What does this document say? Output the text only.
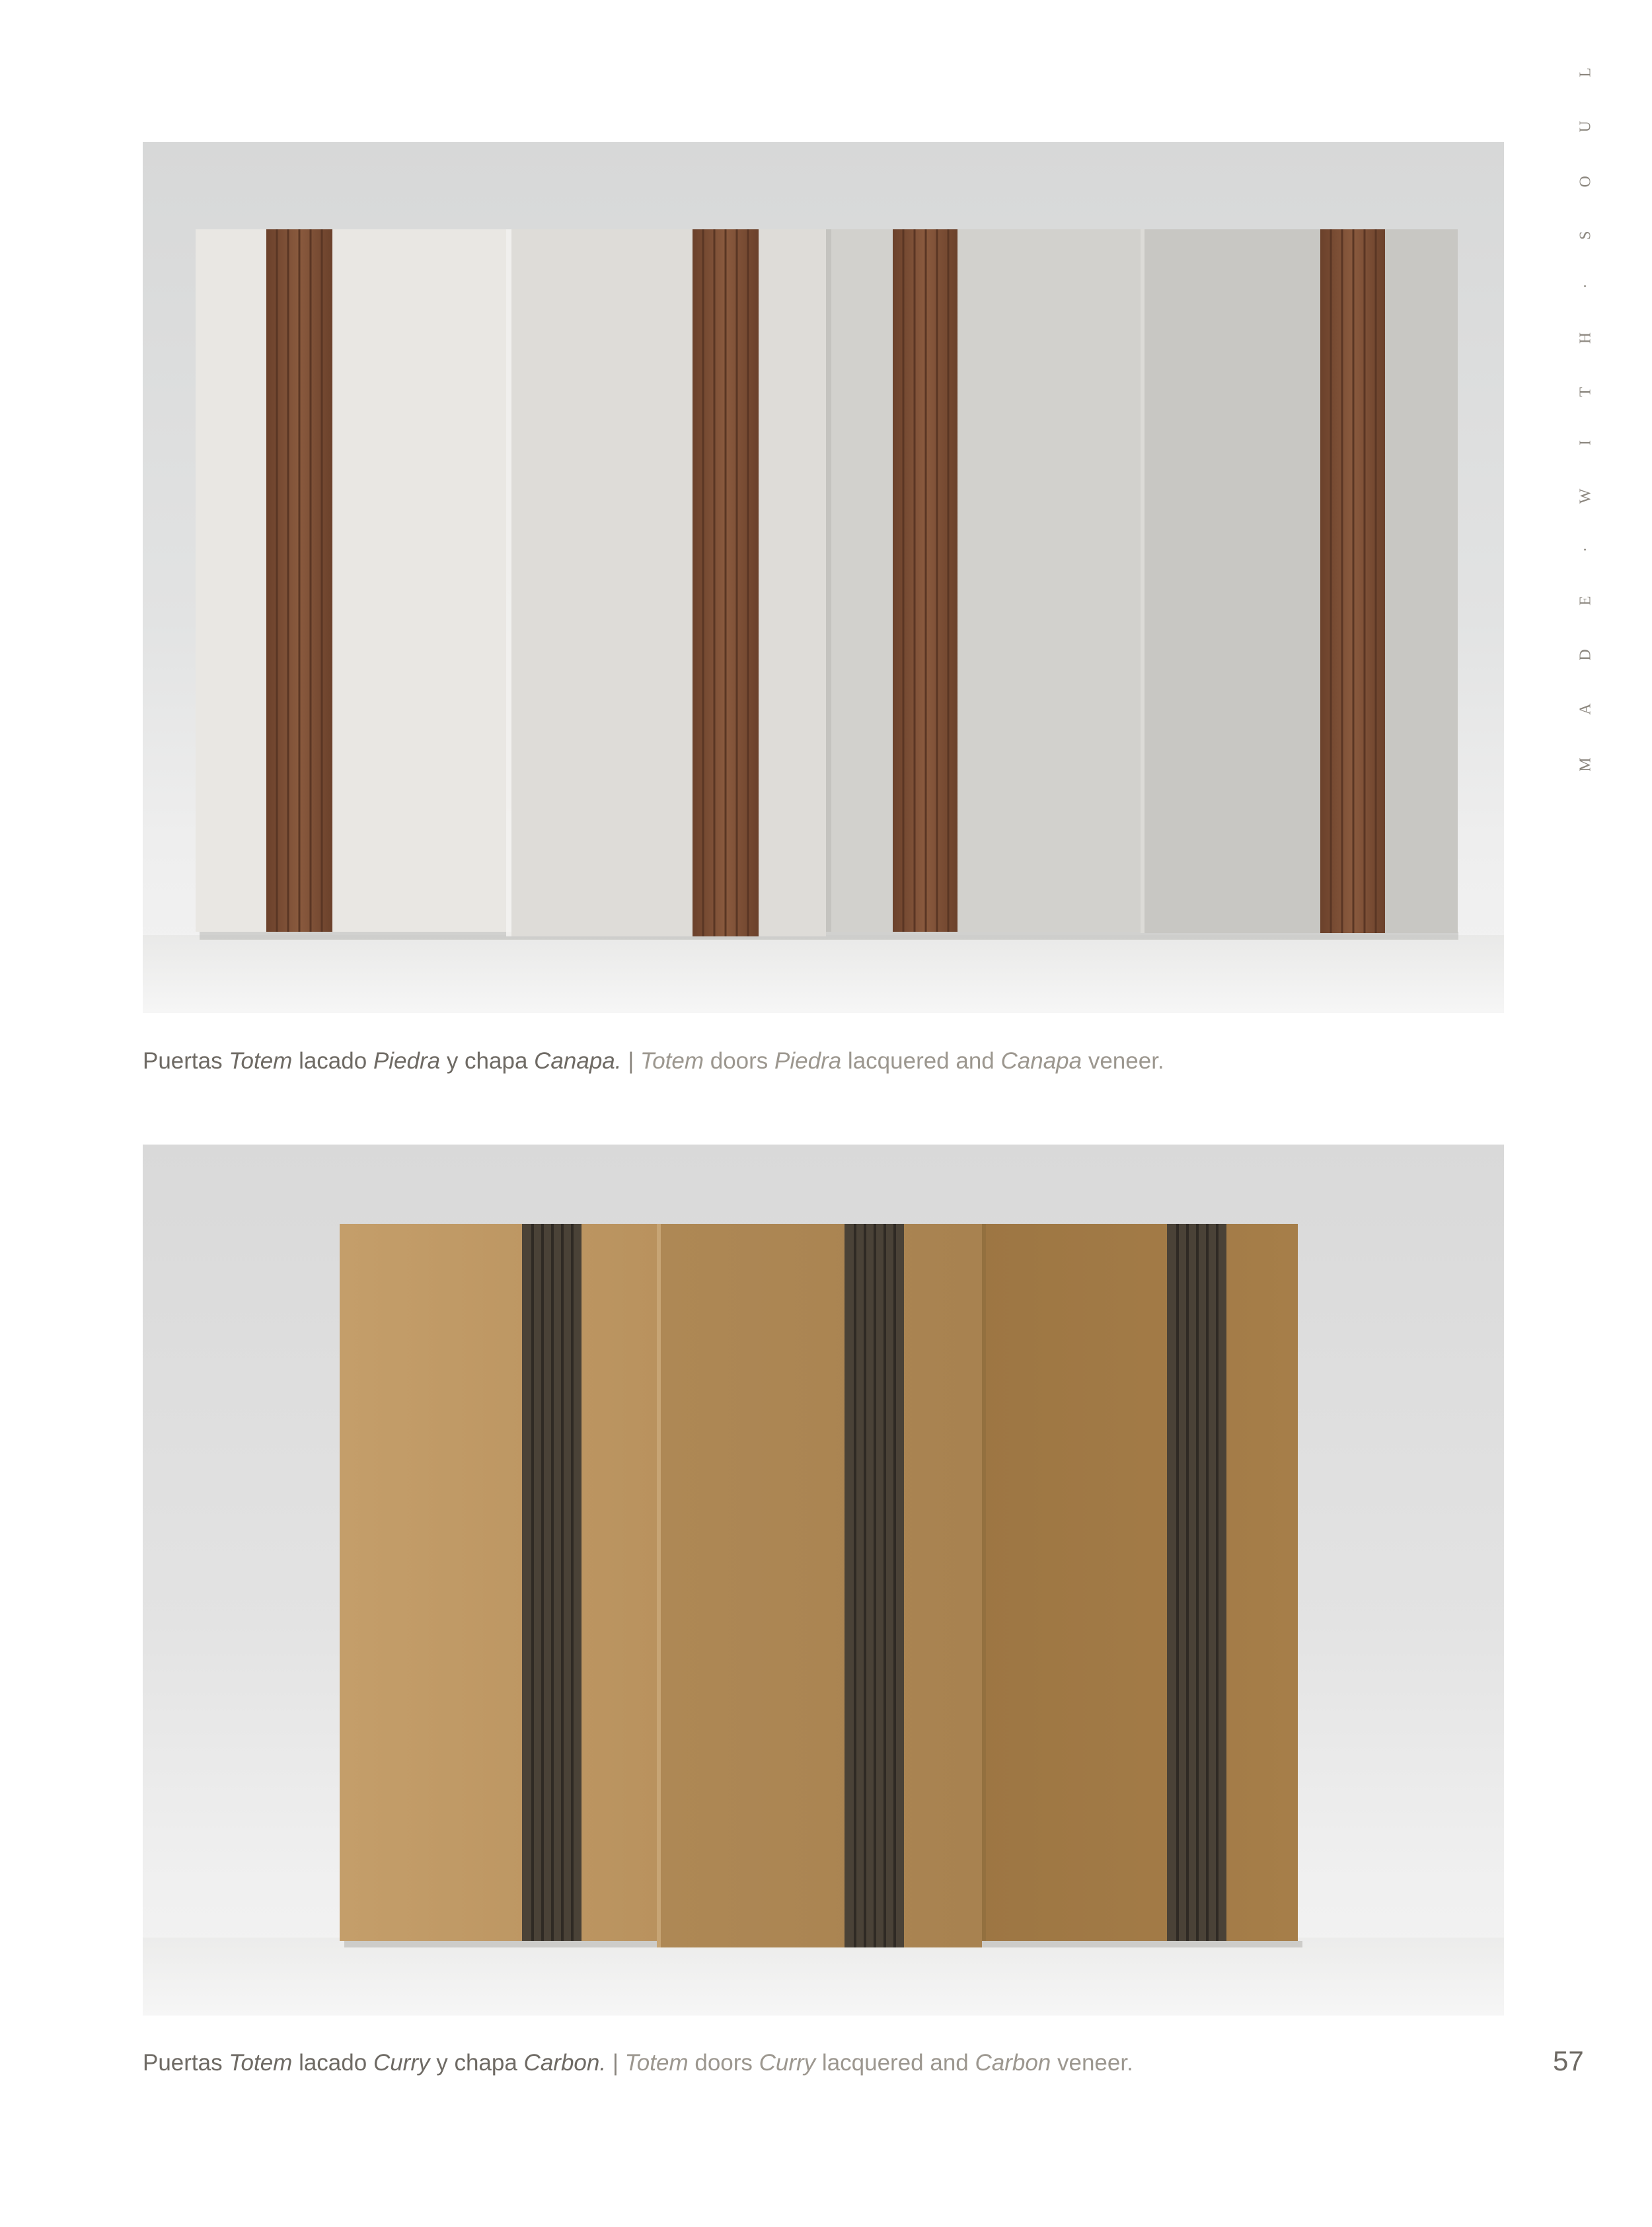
Puertas Totem lacado Piedra y chapa Canapa. | Totem doors Piedra lacquered and Canapa veneer.
Puertas Totem lacado Curry y chapa Carbon. | Totem doors Curry lacquered and Carbon veneer.
M A D E · W I T H · S O U L
57
